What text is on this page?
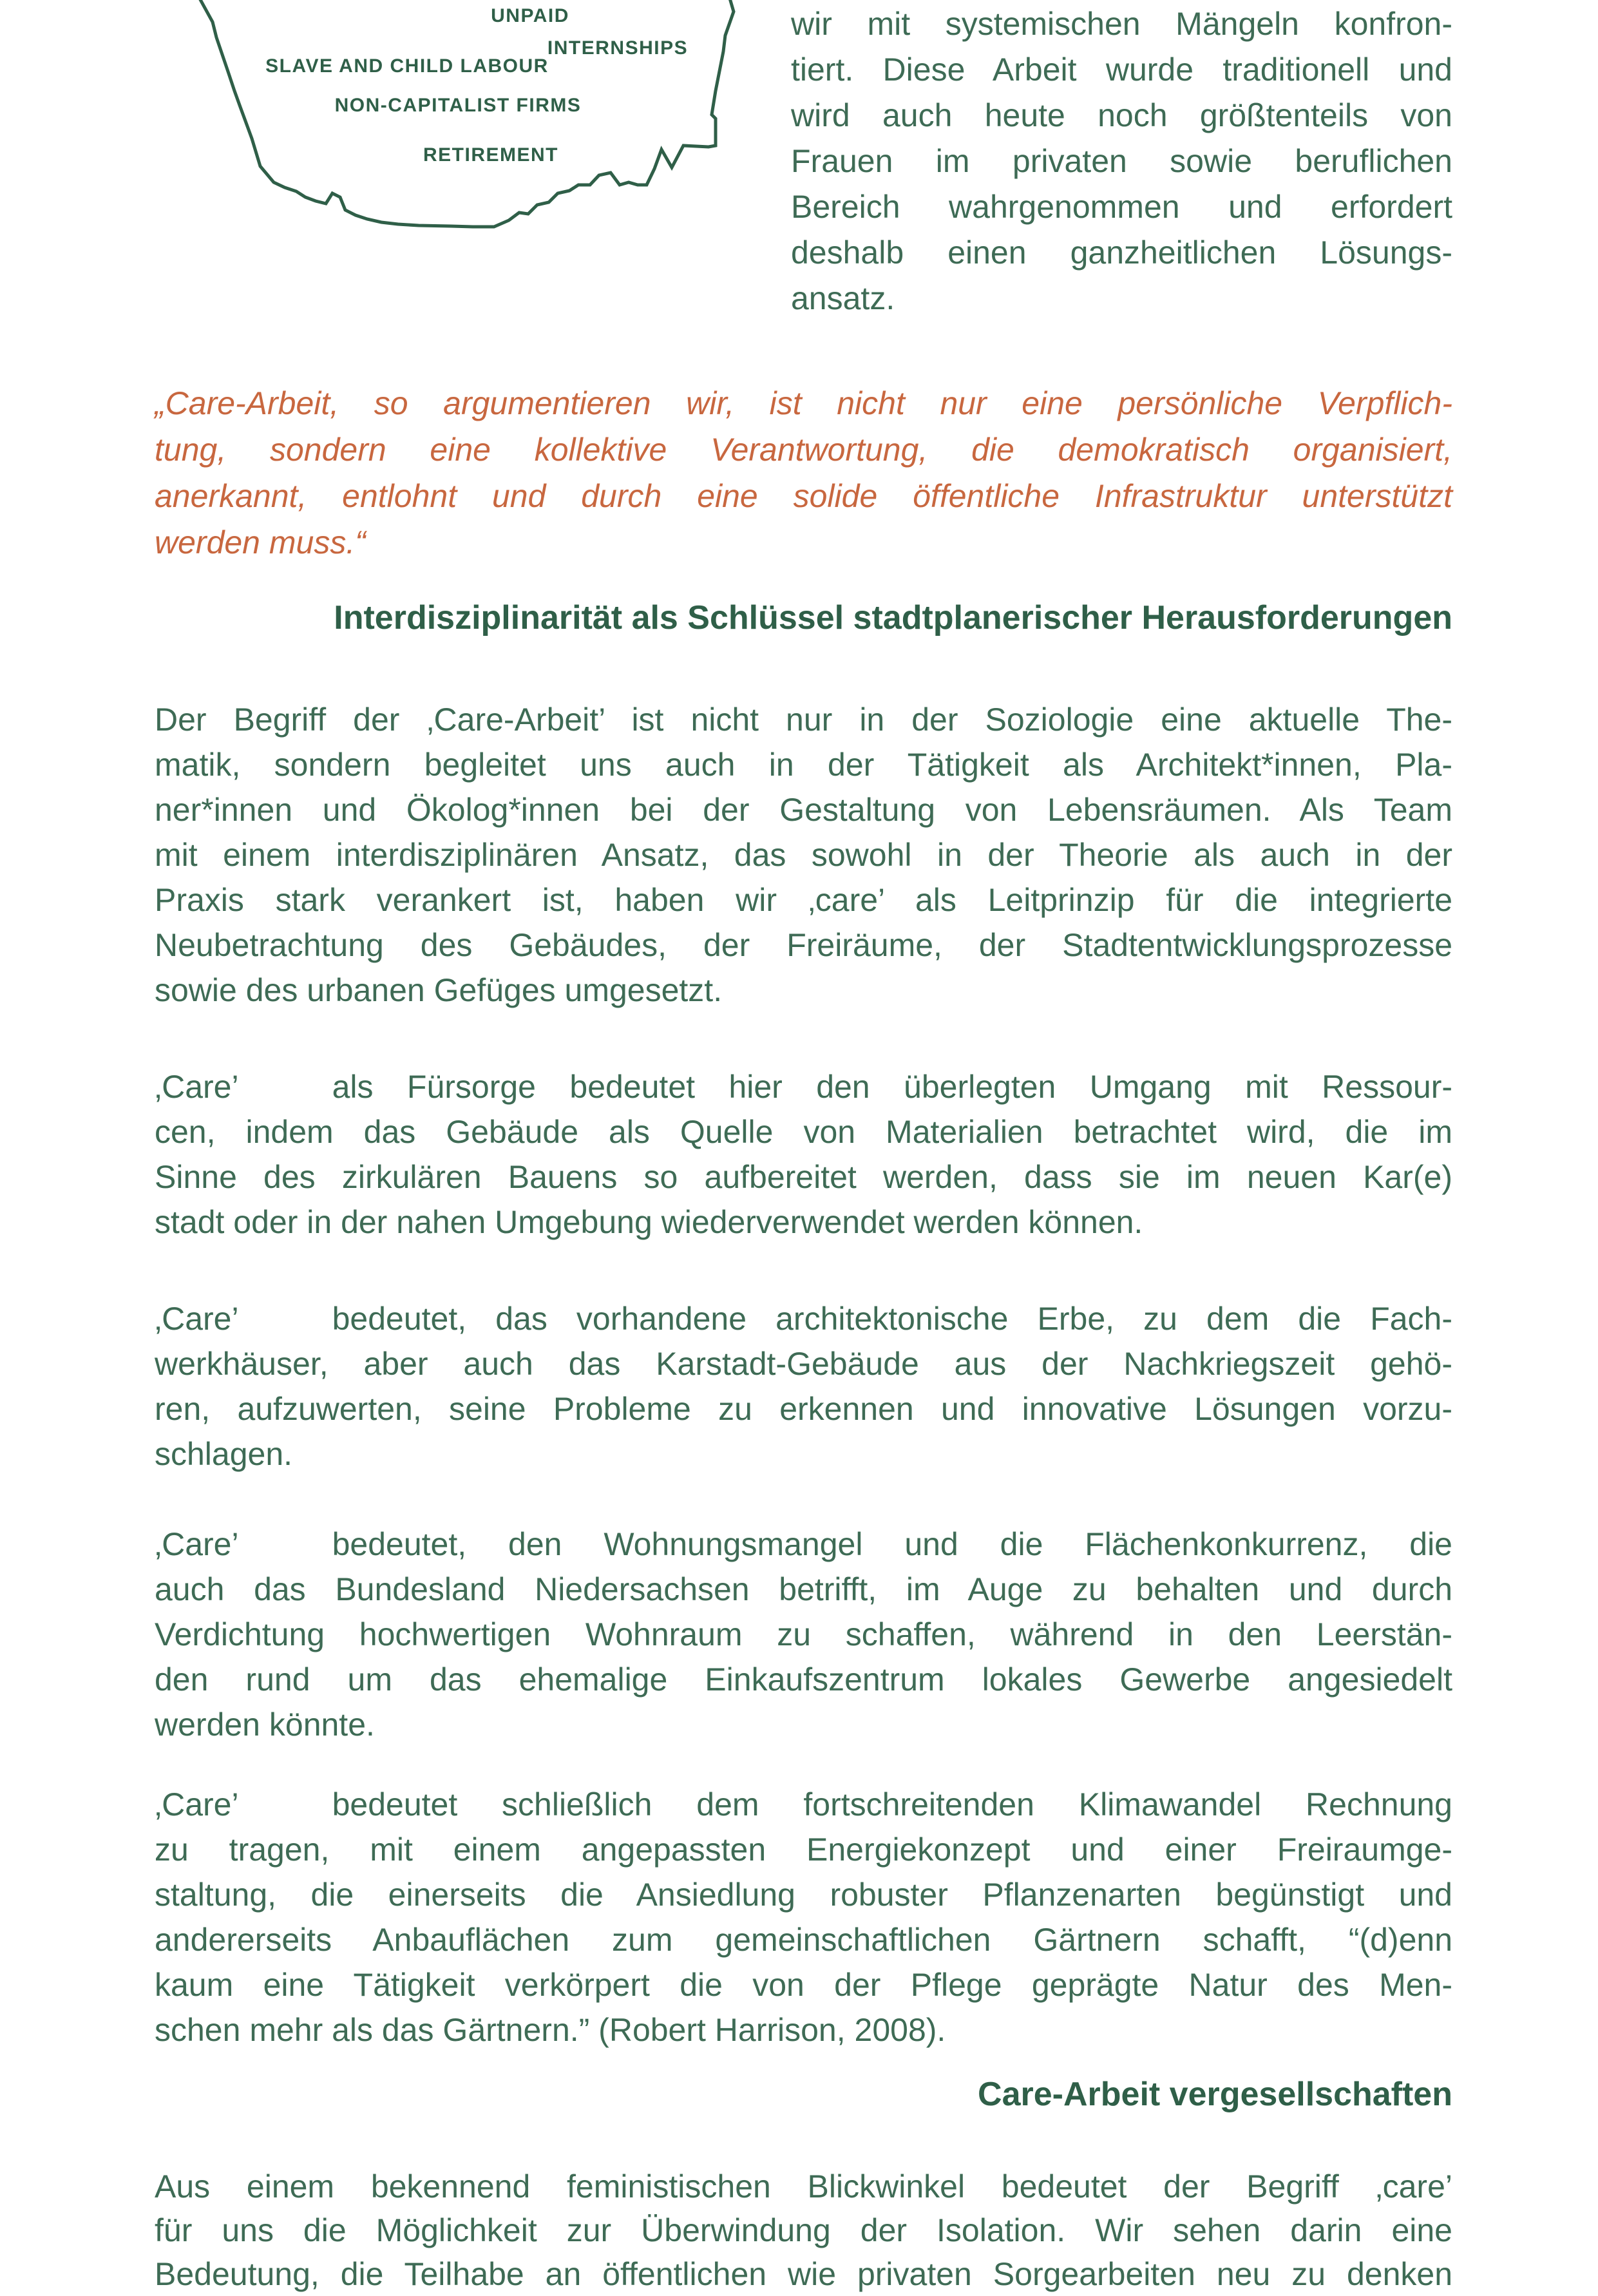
UNPAID
INTERNSHIPS
SLAVE AND CHILD LABOUR
NON-CAPITALIST FIRMS
RETIREMENT
wir mit systemischen Mängeln konfron-
tiert. Diese Arbeit wurde traditionell und
wird auch heute noch größtenteils von
Frauen im privaten sowie beruflichen
Bereich wahrgenommen und erfordert
deshalb einen ganzheitlichen Lösungs-
ansatz.
„Care-Arbeit, so argumentieren wir, ist nicht nur eine persönliche Verpflich-
tung, sondern eine kollektive Verantwortung, die demokratisch organisiert,
anerkannt, entlohnt und durch eine solide öffentliche Infrastruktur unterstützt
werden muss.“
Interdisziplinarität als Schlüssel stadtplanerischer Herausforderungen
Der Begriff der ‚Care-Arbeit’ ist nicht nur in der Soziologie eine aktuelle The-
matik, sondern begleitet uns auch in der Tätigkeit als Architekt*innen, Pla-
ner*innen und Ökolog*innen bei der Gestaltung von Lebensräumen. Als Team
mit einem interdisziplinären Ansatz, das sowohl in der Theorie als auch in der
Praxis stark verankert ist, haben wir ‚care’ als Leitprinzip für die integrierte
Neubetrachtung des Gebäudes, der Freiräume, der Stadtentwicklungsprozesse
sowie des urbanen Gefüges umgesetzt.
‚Care’	als Fürsorge bedeutet hier den überlegten Umgang mit Ressour-
cen, indem das Gebäude als Quelle von Materialien betrachtet wird, die im
Sinne des zirkulären Bauens so aufbereitet werden, dass sie im neuen Kar(e)
stadt oder in der nahen Umgebung wiederverwendet werden können.
‚Care’	bedeutet, das vorhandene architektonische Erbe, zu dem die Fach-
werkhäuser, aber auch das Karstadt-Gebäude aus der Nachkriegszeit gehö-
ren, aufzuwerten, seine Probleme zu erkennen und innovative Lösungen vorzu-
schlagen.
‚Care’	bedeutet, den Wohnungsmangel und die Flächenkonkurrenz, die
auch das Bundesland Niedersachsen betrifft, im Auge zu behalten und durch
Verdichtung hochwertigen Wohnraum zu schaffen, während in den Leerstän-
den rund um das ehemalige Einkaufszentrum lokales Gewerbe angesiedelt
werden könnte.
‚Care’	bedeutet schließlich dem fortschreitenden Klimawandel Rechnung
zu tragen, mit einem angepassten Energiekonzept und einer Freiraumge-
staltung, die einerseits die Ansiedlung robuster Pflanzenarten begünstigt und
andererseits Anbauflächen zum gemeinschaftlichen Gärtnern schafft, “(d)enn
kaum eine Tätigkeit verkörpert die von der Pflege geprägte Natur des Men-
schen mehr als das Gärtnern.” (Robert Harrison, 2008).
Care-Arbeit vergesellschaften
Aus einem bekennend feministischen Blickwinkel bedeutet der Begriff ‚care’
für uns die Möglichkeit zur Überwindung der Isolation. Wir sehen darin eine
Bedeutung, die Teilhabe an öffentlichen wie privaten Sorgearbeiten neu zu denken
